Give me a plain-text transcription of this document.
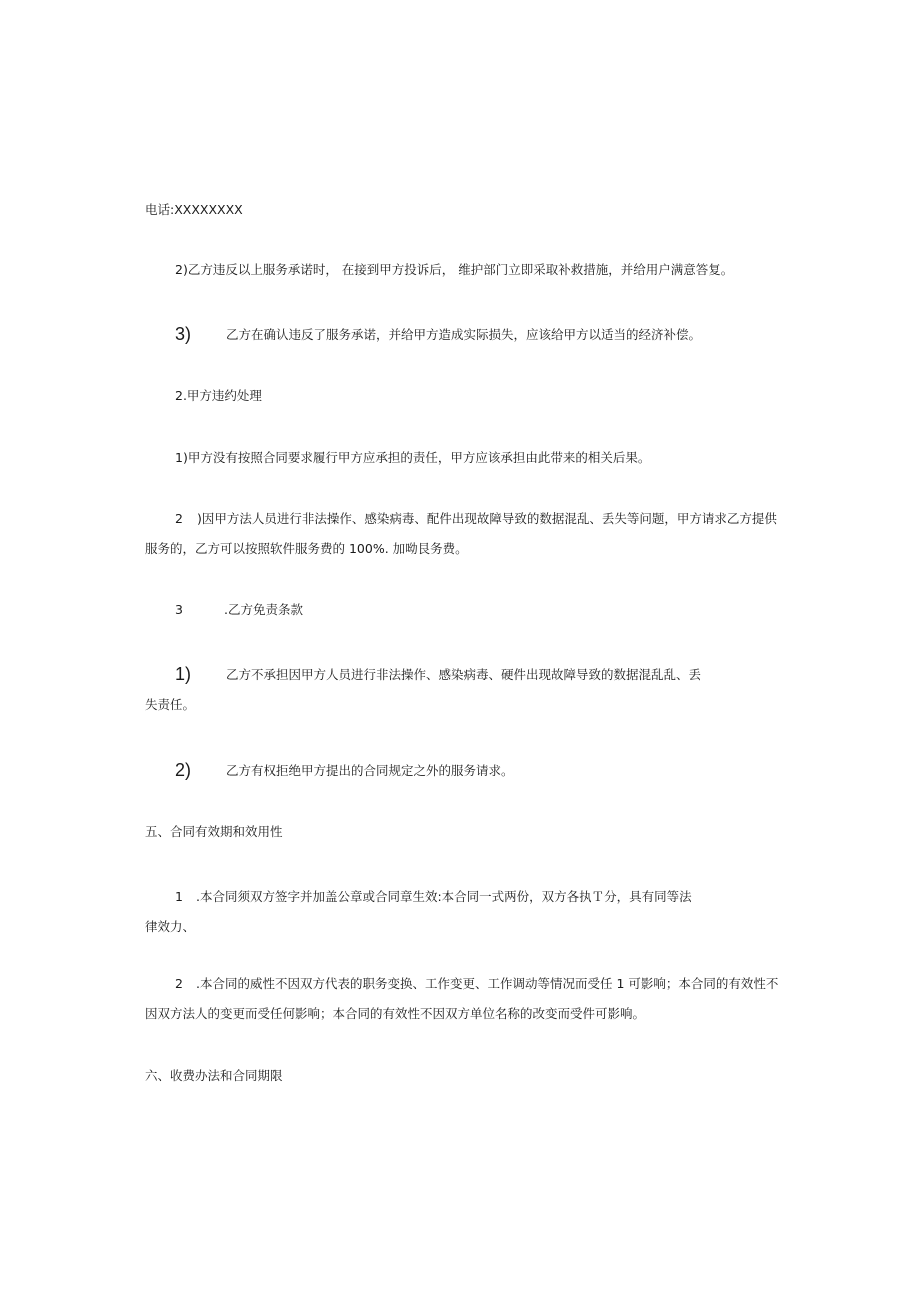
电话:XXXXXXXX
2)乙方违反以上服务承诺时， 在接到甲方投诉后， 维护部门立即采取补救措施，并给用户满意答复。
3)	乙方在确认违反了服务承诺，并给甲方造成实际损失，应该给甲方以适当的经济补偿。
2.甲方违约处理
1)甲方没有按照合同要求履行甲方应承担的责任，甲方应该承担由此带来的相关后果。
2 )因甲方法人员进行非法操作、感染病毒、配件出现故障导致的数据混乱、丢失等问题，甲方请求乙方提供
服务的，乙方可以按照软件服务费的 100%. 加呦艮务费。
3	.乙方免责条款
1)	乙方不承担因甲方人员进行非法操作、感染病毒、硬件出现故障导致的数据混乱乱、丢
失责任。
2)	乙方有权拒绝甲方提出的合同规定之外的服务请求。
五、合同有效期和效用性
1 .本合同须双方签字并加盖公章或合同章生效:本合同一式两份，双方各执Ｔ分，具有同等法
律效力、
2 .本合同的威性不因双方代表的职务变换、工作变更、工作调动等情况而受任 1 可影响；本合同的有效性不
因双方法人的变更而受任何影响；本合同的有效性不因双方单位名称的改变而受件可影响。
六、收费办法和合同期限
